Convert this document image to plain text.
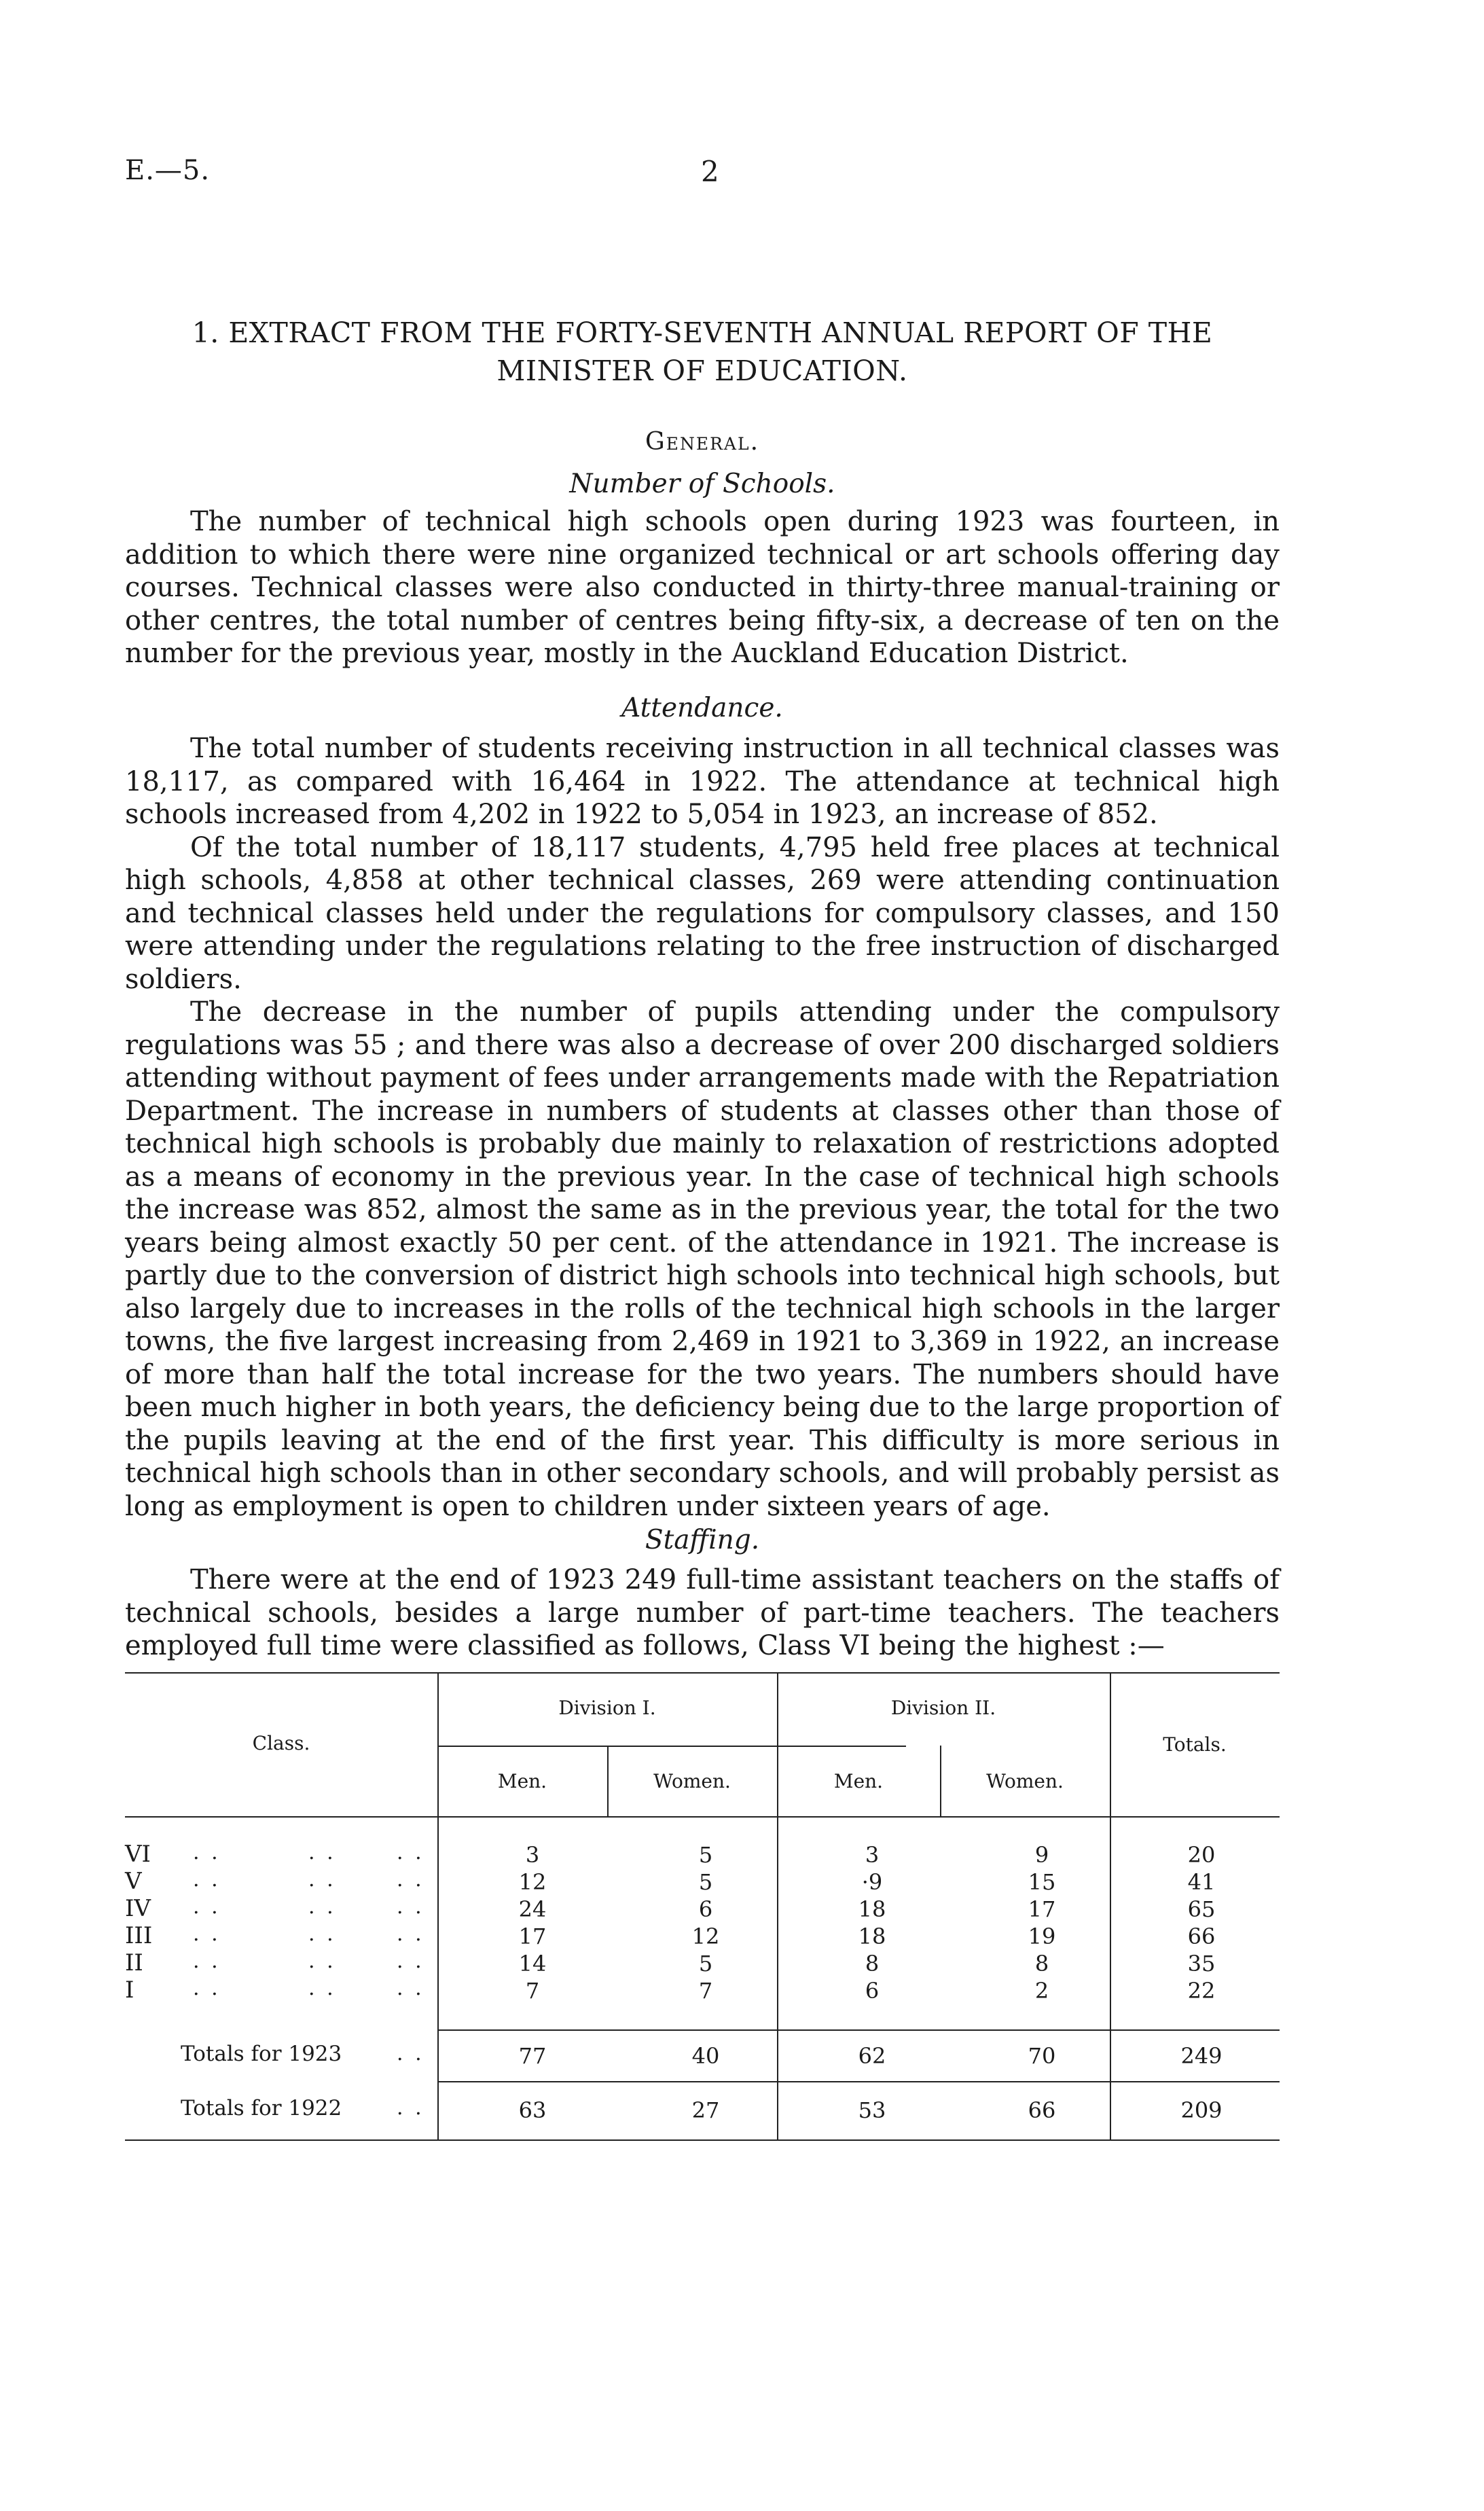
E.—5.	2
1. EXTRACT FROM THE FORTY-SEVENTH ANNUAL REPORT OF THE
MINISTER OF EDUCATION.
General.
Number of Schools.

The number of technical high schools open during 1923 was fourteen, in addition to which there were nine organized technical or art schools offering day courses. Technical classes were also conducted in thirty-three manual-training or other centres, the total number of centres being fifty-six, a decrease of ten on the number for the previous year, mostly in the Auckland Education District.

Attendance.

The total number of students receiving instruction in all technical classes was 18,117, as compared with 16,464 in 1922. The attendance at technical high schools increased from 4,202 in 1922 to 5,054 in 1923, an increase of 852.

Of the total number of 18,117 students, 4,795 held free places at technical high schools, 4,858 at other technical classes, 269 were attending continuation and technical classes held under the regulations for compulsory classes, and 150 were attending under the regulations relating to the free instruction of discharged soldiers.

The decrease in the number of pupils attending under the compulsory regulations was 55 ; and there was also a decrease of over 200 discharged soldiers attending without payment of fees under arrangements made with the Repatriation Department. The increase in numbers of students at classes other than those of technical high schools is probably due mainly to relaxation of restrictions adopted as a means of economy in the previous year. In the case of technical high schools the increase was 852, almost the same as in the previous year, the total for the two years being almost exactly 50 per cent. of the attendance in 1921. The increase is partly due to the conversion of district high schools into technical high schools, but also largely due to increases in the rolls of the technical high schools in the larger towns, the five largest increasing from 2,469 in 1921 to 3,369 in 1922, an increase of more than half the total increase for the two years. The numbers should have been much higher in both years, the deficiency being due to the large proportion of the pupils leaving at the end of the first year. This difficulty is more serious in technical high schools than in other secondary schools, and will probably persist as long as employment is open to children under sixteen years of age.

Staffing.

There were at the end of 1923 249 full-time assistant teachers on the staffs of technical schools, besides a large number of part-time teachers. The teachers employed full time were classified as follows, Class VI being the highest :—

Class.
Division I.	Division II.
Men.	Women.	Men.	Women.
Totals.
VI . .	. .	. .	3	5	3	9	20
V	. .	. .	. .	12	5	·9	15	41
IV . .	. .	. .	24	6	18	17	65
III . .	. .	. .	17	12	18	19	66
II . .	. .	. .	14	5	8	8	35
I	. .	. .	. .	7	7	6	2	22
Totals for 1923	. .	77	40	62	70	249
Totals for 1922	. .	63	27	53	66	209
